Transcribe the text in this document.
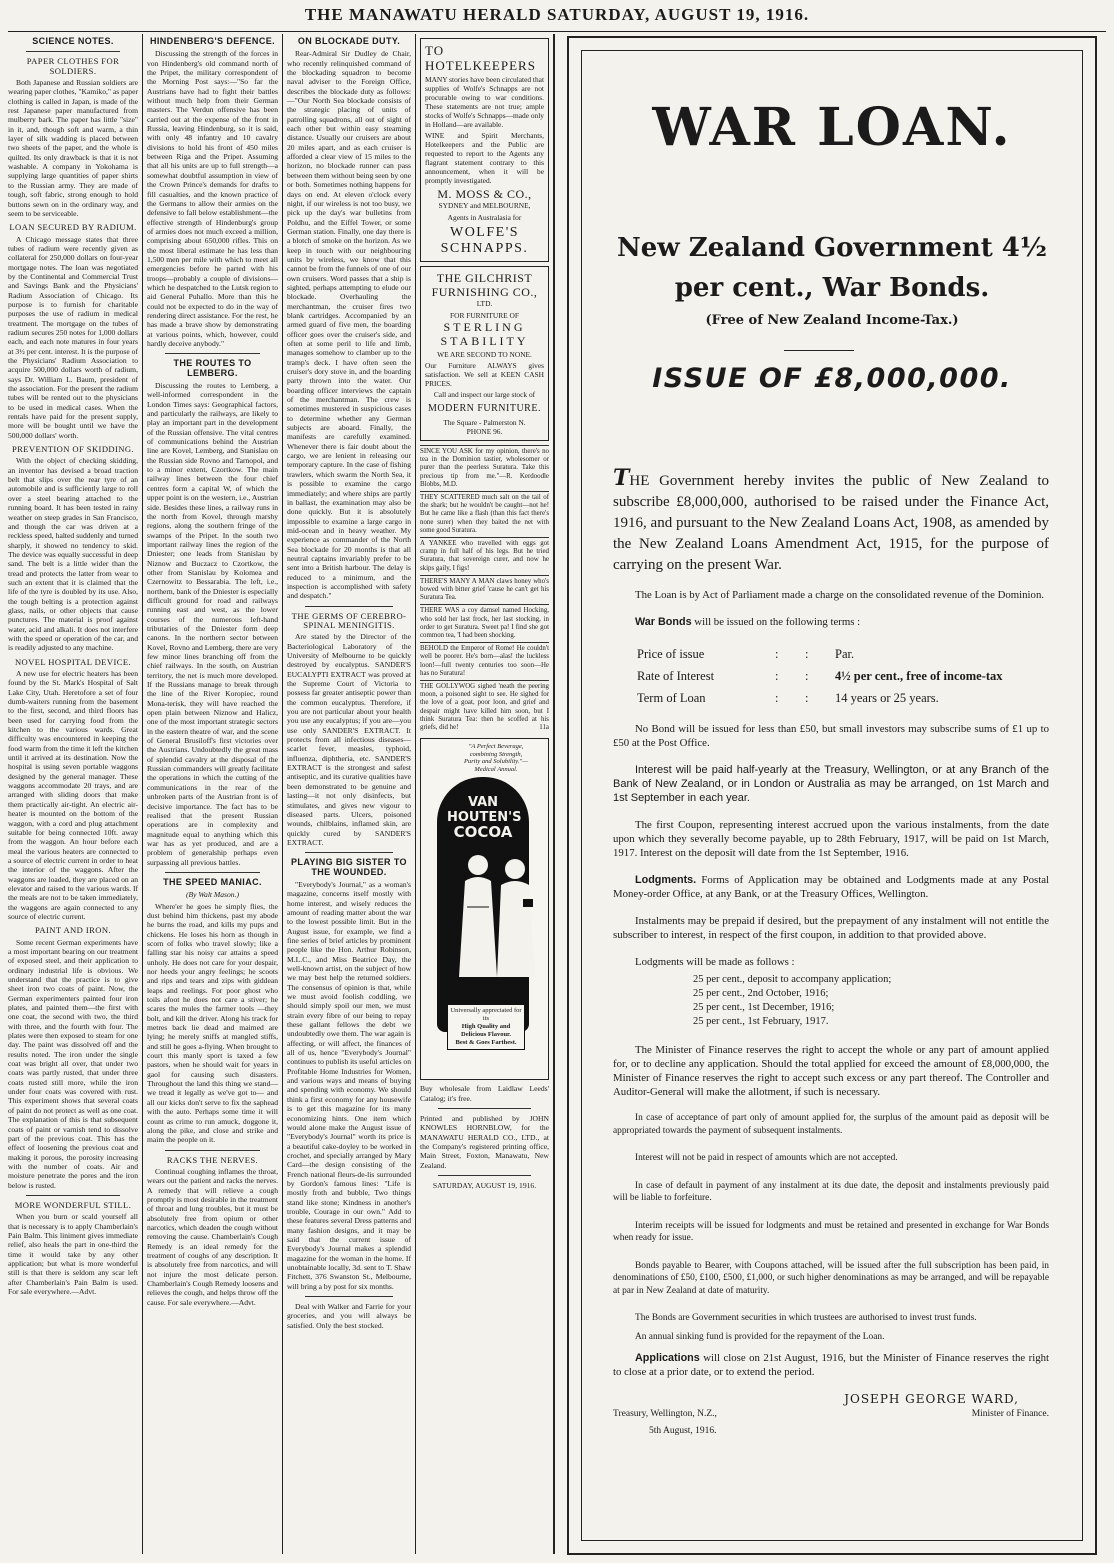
THE MANAWATU HERALD SATURDAY, AUGUST 19, 1916.
SCIENCE NOTES.
PAPER CLOTHES FOR SOLDIERS.

Both Japanese and Russian soldiers are wearing paper clothes, "Kamiko," as paper clothing is called in Japan, is made of the rest Japanese paper manufactured from mulberry bark. The paper has little "size" in it, and, though soft and warm, a thin layer of silk wadding is placed between two sheets of the paper, and the whole is quilted. Its only drawback is that it is not washable. A company in Yokohama is supplying large quantities of paper shirts to the Russian army. They are made of tough, soft fabric, strong enough to hold buttons sewn on in the ordinary way, and seem to be serviceable.

LOAN SECURED BY RADIUM.

A Chicago message states that three tubes of radium were recently given as collateral for 250,000 dollars on four-year mortgage notes. The loan was negotiated by the Continental and Commercial Trust and Savings Bank and the Physicians' Radium Association of Chicago. Its purpose is to furnish for charitable purposes the use of radium in medical treatment. The mortgage on the tubes of radium secures 250 notes for 1,000 dollars each, and each note matures in four years at 3½ per cent. interest. It is the purpose of the Physicians' Radium Association to acquire 500,000 dollars worth of radium, says Dr. William L. Baum, president of the association. For the present the radium tubes will be rented out to the physicians to be used in medical cases. When the rentals have paid for the present supply, more will be bought until we have the 500,000 dollars' worth.

PREVENTION OF SKIDDING.

With the object of checking skidding, an inventor has devised a broad traction belt that slips over the rear tyre of an automobile and is sufficiently large to roll over a steel bearing attached to the running board. It has been tested in rainy weather on steep grades in San Francisco, and though the car was driven at a reckless speed, halted suddenly and turned sharply, it showed no tendency to skid. The device was equally successful in deep sand. The belt is a little wider than the tread and protects the latter from wear to such an extent that it is claimed that the life of the tyre is doubled by its use. Also, the tough belting is a protection against glass, nails, or other objects that cause punctures. The material is proof against water, acid and alkali. It does not interfere with the speed or operation of the car, and is readily adjusted to any machine.

NOVEL HOSPITAL DEVICE.

A new use for electric heaters has been found by the St. Mark's Hospital of Salt Lake City, Utah. Heretofore a set of four dumb-waiters running from the basement to the first, second, and third floors has been used for carrying food from the kitchen to the various wards. Great difficulty was encountered in keeping the food warm from the time it left the kitchen until it arrived at its destination. Now the hospital is using seven portable waggons designed by the general manager. These waggons accommodate 20 trays, and are arranged with sliding doors that make them practically air-tight. An electric air-heater is mounted on the bottom of the waggon, with a cord and plug attachment suitable for being connected 10ft. away from the waggon. An hour before each meal the various heaters are connected to a source of electric current in order to heat the interior of the waggons. After the waggons are loaded, they are placed on an elevator and raised to the various wards. If the meals are not to be taken immediately, the waggons are again connected to any source of electric current.

PAINT AND IRON.

Some recent German experiments have a most important bearing on our treatment of exposed steel, and their application to ordinary industrial life is obvious. We understand that the practice is to give sheet iron two coats of paint. Now, the German experimenters painted four iron plates, and painted them—the first with one coat, the second with two, the third with three, and the fourth with four. The plates were then exposed to steam for one day. The paint was dissolved off and the results noted. The iron under the single coat was bright all over, that under two coats was partly rusted, that under three coats rusted still more, while the iron under four coats was covered with rust. This experiment shows that several coats of paint do not protect as well as one coat. The explanation of this is that subsequent coats of paint or varnish tend to dissolve part of the previous coat. This has the effect of loosening the previous coat and making it porous, the porosity increasing with the number of coats. Air and moisture penetrate the pores and the iron below is rusted.

MORE WONDERFUL STILL.

When you burn or scald yourself all that is necessary is to apply Chamberlain's Pain Balm. This liniment gives immediate relief, also heals the part in one-third the time it would take by any other application; but what is more wonderful still is that there is seldom any scar left after Chamberlain's Pain Balm is used. For sale everywhere.—Advt.

HINDENBERG'S DEFENCE.

Discussing the strength of the forces in von Hindenberg's old command north of the Pripet, the military correspondent of the Morning Post says:—"So far the Austrians have had to fight their battles without much help from their German masters. The Verdun offensive has been carried out at the expense of the front in Russia, leaving Hindenburg, so it is said, with only 48 infantry and 10 cavalry divisions to hold his front of 450 miles between Riga and the Pripet. Assuming that all his units are up to full strength—a somewhat doubtful assumption in view of the Crown Prince's demands for drafts to fill casualties, and the known practice of the Germans to allow their armies on the defensive to fall below establishment—the effective strength of Hindenburg's group of armies does not much exceed a million, comprising about 650,000 rifles. This on the most liberal estimate he has less than 1,500 men per mile with which to meet all emergencies before he parted with his troops—probably a couple of divisions—which he despatched to the Lutsk region to aid General Puhallo. More than this he could not be expected to do in the way of rendering direct assistance. For the rest, he has made a brave show by demonstrating at various points, which, however, could hardly deceive anybody."

THE ROUTES TO LEMBERG.

Discussing the routes to Lemberg, a well-informed correspondent in the London Times says: Geographical factors, and particularly the railways, are likely to play an important part in the development of the Russian offensive. The vital centres of communications behind the Austrian line are Kovel, Lemberg, and Stanislau on the Russian side Rovno and Tarnopol, and to a minor extent, Czortkow. The main railway lines between the four chief centres form a capital W, of which the upper point is on the western, i.e., Austrian side. Besides these lines, a railway runs in the north from Kovel, through marshy regions, along the southern fringe of the swamps of the Pripet. In the south two important railway lines the region of the Dniester; one leads from Stanislau by Niznow and Buczacz to Czortkow, the other from Stanislau by Kolomea and Czernowitz to Bessarabia. The left, i.e., northern, bank of the Dniester is especially difficult ground for road and railways running east and west, as the lower courses of the numerous left-hand tributaries of the Dniester form deep canons. In the northern sector between Kovel, Rovno and Lemberg, there are very few minor lines branching off from the chief railways. In the south, on Austrian territory, the net is much more developed. If the Russians manage to break through the line of the River Koropiec, round Mona-terisk, they will have reached the open plain between Niznow and Halicz, one of the most important strategic sectors in the eastern theatre of war, and the scene of General Brusiloff's first victories over the Austrians. Undoubtedly the great mass of splendid cavalry at the disposal of the Russian commanders will greatly facilitate the operations in which the cutting of the communications in the rear of the unbroken parts of the Austrian front is of decisive importance. The fact has to be realised that the present Russian operations are in complexity and magnitude equal to anything which this war has as yet produced, and are a problem of generalship perhaps even surpassing all previous battles.

THE SPEED MANIAC.

(By Walt Mason.)

Where'er he goes he simply flies, the dust behind him thickens, past my abode he burns the road, and kills my pups and chickens. He loses his horn as though in scorn of folks who travel slowly; like a falling star his noisy car attains a speed unholy. He does not care for your despair, nor heeds your angry feelings; he scoots and rips and tears and zips with giddean leaps and reelings. For poor ghost who toils afoot he does not care a stiver; he scares the mules the farmer tools —they bolt, and kill the driver. Along his track for metres back lie dead and maimed are lying; he merely sniffs at mangled stiffs, and still he goes a-flying. When brought to court this manly sport is taxed a few pastors, when he should wait for years in gaol for causing such disasters. Throughout the land this thing we stand— we tread it legally as we've got to— and all our kicks don't serve to fix the saphead with the auto. Perhaps some time it will count as crime to run amuck, doggone it, along the pike, and close and strike and maim the people on it.

RACKS THE NERVES.

Continual coughing inflames the throat, wears out the patient and racks the nerves. A remedy that will relieve a cough promptly is most desirable in the treatment of throat and lung troubles, but it must be absolutely free from opium or other narcotics, which deaden the cough without removing the cause. Chamberlain's Cough Remedy is an ideal remedy for the treatment of coughs of any description. It is absolutely free from narcotics, and will not injure the most delicate person. Chamberlain's Cough Remedy loosens and relieves the cough, and helps throw off the cause. For sale everywhere.—Advt.

ON BLOCKADE DUTY.

Rear-Admiral Sir Dudley de Chair, who recently relinquished command of the blockading squadron to become naval adviser to the Foreign Office, describes the blockade duty as follows:—"Our North Sea blockade consists of the strategic placing of units of patrolling squadrons, all out of sight of each other but within easy steaming distance. Usually our cruisers are about 20 miles apart, and as each cruiser is afforded a clear view of 15 miles to the horizon, no blockade runner can pass between them without being seen by one or both. Sometimes nothing happens for days on end. At eleven o'clock every night, if our wireless is not too busy, we pick up the day's war bulletins from Poldhu, and the Eiffel Tower, or some German station. Finally, one day there is a blotch of smoke on the horizon. As we keep in touch with our neighbouring units by wireless, we know that this cannot be from the funnels of one of our own cruisers. Word passes that a ship is sighted, perhaps attempting to elude our blockade. Overhauling the merchantman, the cruiser fires two blank cartridges. Accompanied by an armed guard of five men, the boarding officer goes over the cruiser's side, and often at some peril to life and limb, manages somehow to clamber up to the tramp's deck. I have often seen the cruiser's dory stove in, and the boarding party thrown into the water. Our boarding officer interviews the captain of the merchantman. The crew is sometimes mustered in suspicious cases to determine whether any German subjects are aboard. Finally, the manifests are carefully examined. Whenever there is fair doubt about the cargo, we are lenient in releasing our temporary capture. In the case of fishing trawlers, which swarm the North Sea, it is possible to examine the cargo immediately; and where ships are partly in ballast, the examination may also be done quickly. But it is absolutely impossible to examine a large cargo in mid-ocean and in heavy weather. My experience as commander of the North Sea blockade for 20 months is that all neutral captains invariably prefer to be sent into a British harbour. The delay is reduced to a minimum, and the inspection is accomplished with safety and despatch."

THE GERMS OF CEREBRO-SPINAL MENINGITIS.

Are stated by the Director of the Bacteriological Laboratory of the University of Melbourne to be quickly destroyed by eucalyptus. SANDER'S EUCALYPTI EXTRACT was proved at the Supreme Court of Victoria to possess far greater antiseptic power than the common eucalyptus. Therefore, if you are not particular about your health you use any eucalyptus; if you are—you use only SANDER'S EXTRACT. It protects from all infectious diseases—scarlet fever, measles, typhoid, influenza, diphtheria, etc. SANDER'S EXTRACT is the strongest and safest antiseptic, and its curative qualities have been demonstrated to be genuine and lasting—it not only disinfects, but stimulates, and gives new vigour to diseased parts. Ulcers, poisoned wounds, chilblains, inflamed skin, are quickly cured by SANDER'S EXTRACT.

PLAYING BIG SISTER TO THE WOUNDED.

"Everybody's Journal," as a woman's magazine, concerns itself mostly with home interest, and wisely reduces the amount of reading matter about the war to the lowest possible limit. But in the August issue, for example, we find a fine series of brief articles by prominent people like the Hon. Arthur Robinson, M.L.C., and Miss Beatrice Day, the well-known artist, on the subject of how we may best help the returned soldiers. The consensus of opinion is that, while we must avoid foolish coddling, we should simply spoil our men, we must strain every fibre of our being to repay these gallant fellows the debt we undoubtedly owe them. The war again is affecting, or will affect, the finances of all of us, hence "Everybody's Journal" continues to publish its useful articles on Profitable Home Industries for Women, and various ways and means of buying and spending with economy. We should think a first economy for any housewife is to get this magazine for its many economizing hints. One item which would alone make the August issue of "Everybody's Journal" worth its price is a beautiful cake-doyley to be worked in crochet, and specially arranged by Mary Card—the design consisting of the French national fleurs-de-lis surrounded by Gordon's famous lines: "Life is mostly froth and bubble, Two things stand like stone; Kindness in another's trouble, Courage in our own." Add to these features several Dress patterns and many fashion designs, and it may be said that the current issue of Everybody's Journal makes a splendid magazine for the woman in the home. If unobtainable locally, 3d. sent to T. Shaw Fitchett, 376 Swanston St., Melbourne, will bring a by post for six months.

Deal with Walker and Farrie for your groceries, and you will always be satisfied. Only the best stocked.

TO HOTELKEEPERS

MANY stories have been circulated that supplies of Wolfe's Schnapps are not procurable owing to war conditions. These statements are not true; ample stocks of Wolfe's Schnapps—made only in Holland—are available.

WINE and Spirit Merchants, Hotelkeepers and the Public are requested to report to the Agents any flagrant statement contrary to this announcement, when it will be promptly investigated.

M. MOSS & CO.,
SYDNEY and MELBOURNE,
Agents in Australasia for
WOLFE'S SCHNAPPS.
THE GILCHRIST
FURNISHING CO.,
LTD.
FOR FURNITURE OF
STERLING
STABILITY
WE ARE SECOND TO NONE.

Our Furniture ALWAYS gives satisfaction. We sell at KEEN CASH PRICES.

Call and inspect our large stock of
MODERN FURNITURE.
The Square - Palmerston N.
PHONE 96.
SINCE YOU ASK for my opinion, there's no tea in the Dominion tastier, wholesomer or purer than the peerless Suratura. Take this precious tip from me."—R. Kerdoodle Blobbs, M.D.
THEY SCATTERED much salt on the tail of the shark; but he wouldn't be caught—not he! But he came like a flash (than this fact there's none surer) when they baited the net with some good Suratura.
A YANKEE who travelled with eggs got cramp in full half of his legs. But he tried Suratura, that sovereign curer, and now he skips gaily, I figs!
THERE'S MANY A MAN claws honey who's bowed with bitter grief 'cause he can't get his Suratura Tea.
THERE WAS a coy damsel named Hocking, who sold her last frock, her last stocking, in order to get Suratura. Sweet pa! I find she got common tea, 'I had been shocking.
BEHOLD the Emperor of Rome! He couldn't well be poorer. He's born—alas! the luckless loon!—full twenty centuries too soon—He has no Suratura!
THE GOLLYWOG sighed 'neath the peering moon, a poisoned sight to see. He sighed for the love of a goat, poor loon, and grief and despair might have killed him soon, but I think Suratura Tea: then he scoffed at his griefs, did he!	11a
"A Perfect Beverage, combining Strength, Purity and Solubility."— Medical Annual.
VAN
HOUTEN'S
COCOA
Universally appreciated for its
High Quality and Delicious Flavour.
Best & Goes Farthest.

Buy wholesale from Laidlaw Leeds' Catalog; it's free.

Printed and published by JOHN KNOWLES HORNBLOW, for the MANAWATU HERALD CO., LTD., at the Company's registered printing office, Main Street, Foxton, Manawatu, New Zealand.

SATURDAY, AUGUST 19, 1916.

WAR LOAN.
New Zealand Government 4½
per cent., War Bonds.
(Free of New Zealand Income-Tax.)
ISSUE OF £8,000,000.

THE Government hereby invites the public of New Zealand to subscribe £8,000,000, authorised to be raised under the Finance Act, 1916, and pursuant to the New Zealand Loans Act, 1908, as amended by the New Zealand Loans Amendment Act, 1915, for the purpose of carrying on the present War.

The Loan is by Act of Parliament made a charge on the consolidated revenue of the Dominion.

War Bonds will be issued on the following terms :

Price of issue	:	:	Par.
Rate of Interest	:	:	4½ per cent., free of income-tax
Term of Loan	:	:	14 years or 25 years.

No Bond will be issued for less than £50, but small investors may subscribe sums of £1 up to £50 at the Post Office.

Interest will be paid half-yearly at the Treasury, Wellington, or at any Branch of the Bank of New Zealand, or in London or Australia as may be arranged, on 1st March and 1st September in each year.

The first Coupon, representing interest accrued upon the various instalments, from the date upon which they severally become payable, up to 28th February, 1917, will be paid on 1st March, 1917. Interest on the deposit will date from the 1st September, 1916.

Lodgments. Forms of Application may be obtained and Lodgments made at any Postal Money-order Office, at any Bank, or at the Treasury Offices, Wellington.

Instalments may be prepaid if desired, but the prepayment of any instalment will not entitle the subscriber to interest, in respect of the first coupon, in addition to that provided above.

Lodgments will be made as follows :

25 per cent., deposit to accompany application;
25 per cent., 2nd October, 1916;
25 per cent., 1st December, 1916;
25 per cent., 1st February, 1917.

The Minister of Finance reserves the right to accept the whole or any part of amount applied for, or to decline any application. Should the total applied for exceed the amount of £8,000,000, the Minister of Finance reserves the right to accept such excess or any part thereof. The Controller and Auditor-General will make the allotment, if such is necessary.

In case of acceptance of part only of amount applied for, the surplus of the amount paid as deposit will be appropriated towards the payment of subsequent instalments.

Interest will not be paid in respect of amounts which are not accepted.

In case of default in payment of any instalment at its due date, the deposit and instalments previously paid will be liable to forfeiture.

Interim receipts will be issued for lodgments and must be retained and presented in exchange for War Bonds when ready for issue.

Bonds payable to Bearer, with Coupons attached, will be issued after the full subscription has been paid, in denominations of £50, £100, £500, £1,000, or such higher denominations as may be arranged, and will be repayable at par in New Zealand at date of maturity.

The Bonds are Government securities in which trustees are authorised to invest trust funds.

An annual sinking fund is provided for the repayment of the Loan.

Applications will close on 21st August, 1916, but the Minister of Finance reserves the right to close at a prior date, or to extend the period.

JOSEPH GEORGE WARD,
Treasury, Wellington, N.Z.,	Minister of Finance.
5th August, 1916.
